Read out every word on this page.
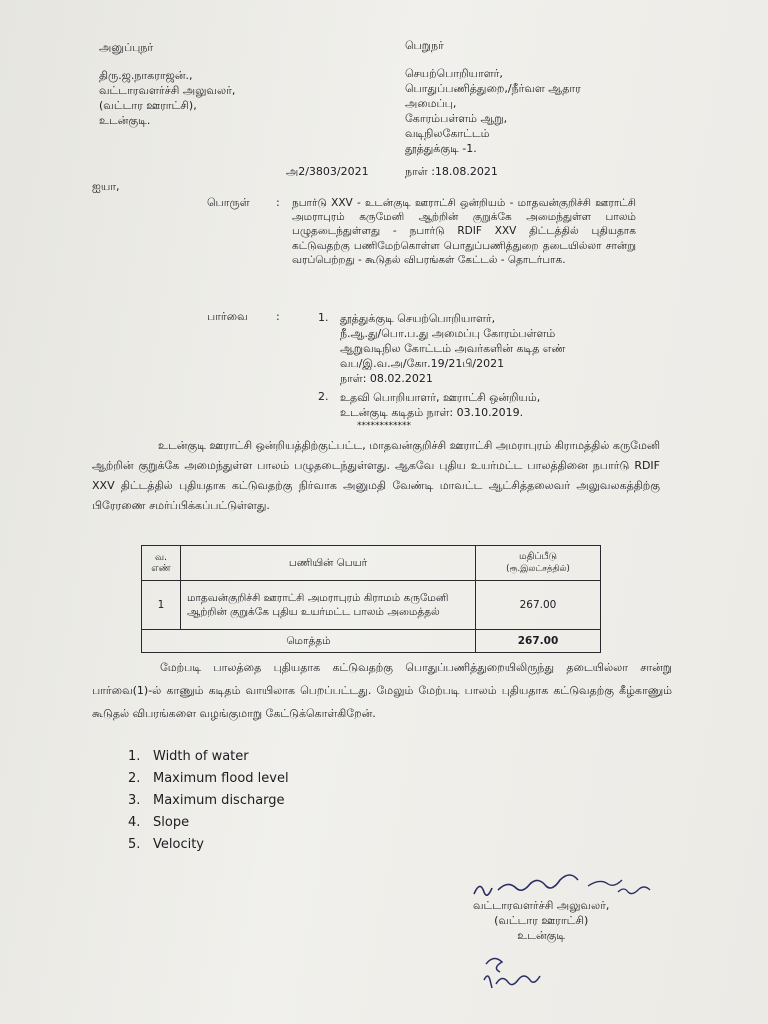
அனுப்புநர்
திரு.ஜ.நாகராஜன்.,
வட்டாரவளர்ச்சி அலுவலர்,
(வட்டார ஊராட்சி),
உடன்குடி.
பெறுநர்
செயற்பொறியாளர்,
பொதுப்பணித்துறை,/நீர்வள ஆதார
அமைப்பு,
கோரம்பள்ளம் ஆறு,
வடிநிலகோட்டம்
தூத்துக்குடி -1.
அ2/3803/2021	நாள் :18.08.2021
ஐயா,
பொருள் : நபார்டு XXV - உடன்குடி ஊராட்சி ஒன்றியம் - மாதவன்குறிச்சி ஊராட்சி அமராபுரம் கருமேனி ஆற்றின் குறுக்கே அமைந்துள்ள பாலம் பழுதடைந்துள்ளது - நபார்டு RDIF XXV திட்டத்தில் புதியதாக கட்டுவதற்கு பணிமேற்கொள்ள பொதுப்பணித்துறை தடையில்லா சான்று வரப்பெற்றது - கூடுதல் விபரங்கள் கேட்டல் - தொடர்பாக.
பார்வை	:	1. தூத்துக்குடி செயற்பொறியாளர்,
நீ.ஆ.து/பொ.ப.து அமைப்பு கோரம்பள்ளம்
ஆறுவடிநில கோட்டம் அவர்களின் கடித எண்
வப/இ.வ.அ/கோ.19/21பி/2021
நாள்: 08.02.2021
2. உதவி பொறியாளர், ஊராட்சி ஒன்றியம்,
உடன்குடி கடிதம் நாள்: 03.10.2019.
************

உடன்குடி ஊராட்சி ஒன்றியத்திற்குட்பட்ட, மாதவன்குறிச்சி ஊராட்சி அமராபுரம் கிராமத்தில் கருமேனி ஆற்றின் குறுக்கே அமைந்துள்ள பாலம் பழுதடைந்துள்ளது. ஆகவே புதிய உயர்மட்ட பாலத்தினை நபார்டு RDIF XXV திட்டத்தில் புதியதாக கட்டுவதற்கு நிர்வாக அனுமதி வேண்டி மாவட்ட ஆட்சித்தலைவர் அலுவலகத்திற்கு பிரேரணை சமர்ப்பிக்கப்பட்டுள்ளது.

வ. எண்	பணியின் பெயர்	மதிப்பீடு
(ரூ.இலட்சத்தில்)

1	மாதவன்குறிச்சி ஊராட்சி அமராபுரம் கிராமம் கருமேனி ஆற்றின் குறுக்கே புதிய உயர்மட்ட பாலம் அமைத்தல்	267.00
மொத்தம்		267.00

மேற்படி பாலத்தை புதியதாக கட்டுவதற்கு பொதுப்பணித்துறையிலிருந்து தடையில்லா சான்று பார்வை(1)-ல் காணும் கடிதம் வாயிலாக பெறப்பட்டது. மேலும் மேற்படி பாலம் புதியதாக கட்டுவதற்கு கீழ்காணும் கூடுதல் விபரங்களை வழங்குமாறு கேட்டுக்கொள்கிறேன்.

1. Width of water
2. Maximum flood level
3. Maximum discharge
4. Slope
5. Velocity
வட்டாரவளர்ச்சி அலுவலர்,
(வட்டார ஊராட்சி)
உடன்குடி
